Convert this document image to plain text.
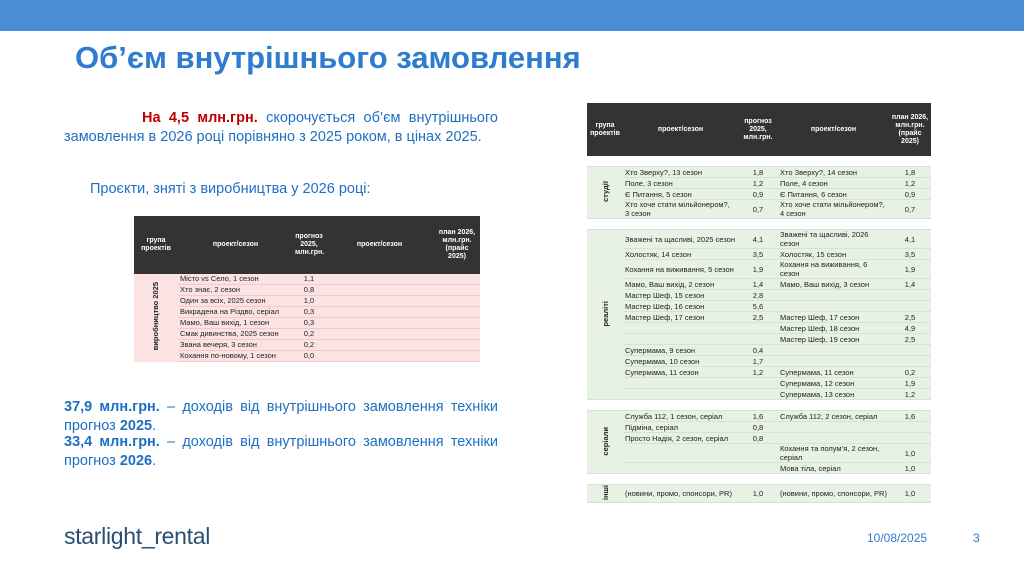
Об’єм внутрішнього замовлення
На 4,5 млн.грн. скорочується об’єм внутрішнього замовлення в 2026 році порівняно з 2025 роком, в цінах 2025.
Проєкти, зняті з виробництва у 2026 році:
група проектів	проект/сезон	прогноз 2025, млн.грн.	проект/сезон	план 2026, млн.грн. (прайс 2025)
виробництво 2025	Місто vs Село, 1 сезон	1,1		
	Хто знає, 2 сезон	0,8		
	Один за всіх, 2025 сезон	1,0		
	Викрадена на Різдво, серіал	0,3		
	Мамо, Ваш вихід, 1 сезон	0,3		
	Смак дивинства, 2025 сезон	0,2		
	Звана вечеря, 3 сезон	0,2		
	Кохання по-новому, 1 сезон	0,0		
37,9 млн.грн. – доходів від внутрішнього замовлення техніки прогноз 2025.
33,4 млн.грн. – доходів від внутрішнього замовлення техніки прогноз 2026.
група проектів	проект/сезон	прогноз 2025, млн.грн.	проект/сезон	план 2026, млн.грн. (прайс 2025)

студії	Хто Зверху?, 13 сезон	1,8	Хто Зверху?, 14 сезон	1,8
	Поле, 3 сезон	1,2	Поле, 4 сезон	1,2
	Є Питання, 5 сезон	0,9	Є Питання, 6 сезон	0,9
	Хто хоче стати мільйонером?, 3 сезон	0,7	Хто хоче стати мільйонером?, 4 сезон	0,7

реаліті	Зважені та щасливі, 2025 сезон	4,1	Зважені та щасливі, 2026 сезон	4,1
	Холостяк, 14 сезон	3,5	Холостяк, 15 сезон	3,5
	Кохання на виживання, 5 сезон	1,9	Кохання на виживання, 6 сезон	1,9
	Мамо, Ваш вихід, 2 сезон	1,4	Мамо, Ваш вихід, 3 сезон	1,4
	Мастер Шеф, 15 сезон	2,8		
	Мастер Шеф, 16 сезон	5,6		
	Мастер Шеф, 17 сезон	2,5	Мастер Шеф, 17 сезон	2,5
			Мастер Шеф, 18 сезон	4,9
			Мастер Шеф, 19 сезон	2,5
	Супермама, 9 сезон	0,4		
	Супермама, 10 сезон	1,7		
	Супермама, 11 сезон	1,2	Супермама, 11 сезон	0,2
			Супермама, 12 сезон	1,9
			Супермама, 13 сезон	1,2

серіали	Служба 112, 1 сезон, серіал	1,6	Служба 112, 2 сезон, серіал	1,6
	Підміна, серіал	0,8		
	Просто Надія, 2 сезон, серіал	0,8		
			Кохання та полум’я, 2 сезон, серіал	1,0
			Мова тіла, серіал	1,0

інші	(новини, промо, спонсори, PR)	1,0	(новини, промо, спонсори, PR)	1,0
starlight_rental	10/08/2025	3
